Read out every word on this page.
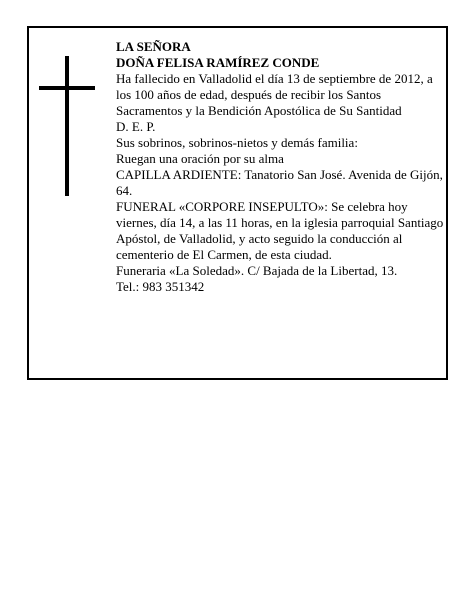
LA SEÑORA

DOÑA FELISA RAMÍREZ CONDE

Ha fallecido en Valladolid el día 13 de septiembre de 2012, a los 100 años de edad, después de recibir los Santos Sacramentos y la Bendición Apostólica de Su Santidad

D. E. P.

Sus sobrinos, sobrinos-nietos y demás familia:

Ruegan una oración por su alma

CAPILLA ARDIENTE: Tanatorio San José. Avenida de Gijón, 64.

FUNERAL «CORPORE INSEPULTO»: Se celebra hoy viernes, día 14, a las 11 horas, en la iglesia parroquial Santiago Apóstol, de Valladolid, y acto seguido la conducción al cementerio de El Carmen, de esta ciudad.

Funeraria «La Soledad». C/ Bajada de la Libertad, 13.

Tel.: 983 351342
